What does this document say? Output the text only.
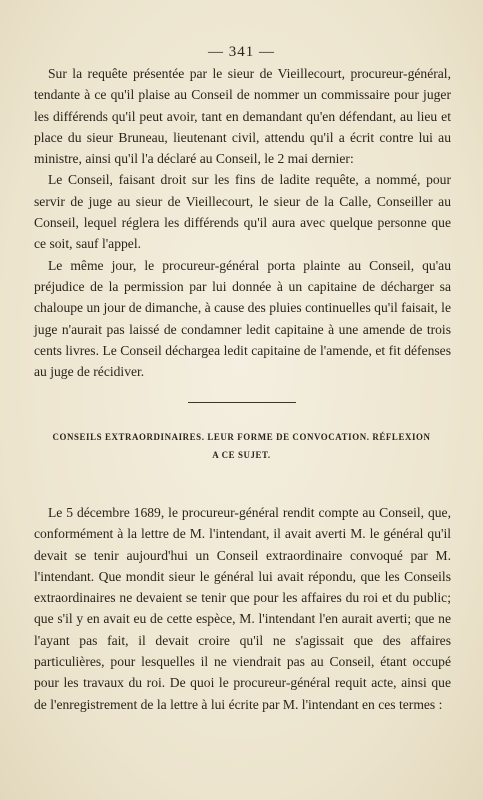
— 341 —

Sur la requête présentée par le sieur de Vieillecourt, procureur-général, tendante à ce qu'il plaise au Conseil de nommer un commissaire pour juger les différends qu'il peut avoir, tant en demandant qu'en défendant, au lieu et place du sieur Bruneau, lieutenant civil, attendu qu'il a écrit contre lui au ministre, ainsi qu'il l'a déclaré au Conseil, le 2 mai dernier:

Le Conseil, faisant droit sur les fins de ladite requête, a nommé, pour servir de juge au sieur de Vieillecourt, le sieur de la Calle, Conseiller au Conseil, lequel réglera les différends qu'il aura avec quelque personne que ce soit, sauf l'appel.

Le même jour, le procureur-général porta plainte au Conseil, qu'au préjudice de la permission par lui donnée à un capitaine de décharger sa chaloupe un jour de dimanche, à cause des pluies continuelles qu'il faisait, le juge n'aurait pas laissé de condamner ledit capitaine à une amende de trois cents livres. Le Conseil déchargea ledit capitaine de l'amende, et fit défenses au juge de récidiver.

CONSEILS EXTRAORDINAIRES. LEUR FORME DE CONVOCATION. RÉFLEXION
A CE SUJET.

Le 5 décembre 1689, le procureur-général rendit compte au Conseil, que, conformément à la lettre de M. l'intendant, il avait averti M. le général qu'il devait se tenir aujourd'hui un Conseil extraordinaire convoqué par M. l'intendant. Que mondit sieur le général lui avait répondu, que les Conseils extraordinaires ne devaient se tenir que pour les affaires du roi et du public; que s'il y en avait eu de cette espèce, M. l'intendant l'en aurait averti; que ne l'ayant pas fait, il devait croire qu'il ne s'agissait que des affaires particulières, pour lesquelles il ne viendrait pas au Conseil, étant occupé pour les travaux du roi. De quoi le procureur-général requit acte, ainsi que de l'enregistrement de la lettre à lui écrite par M. l'intendant en ces termes :
